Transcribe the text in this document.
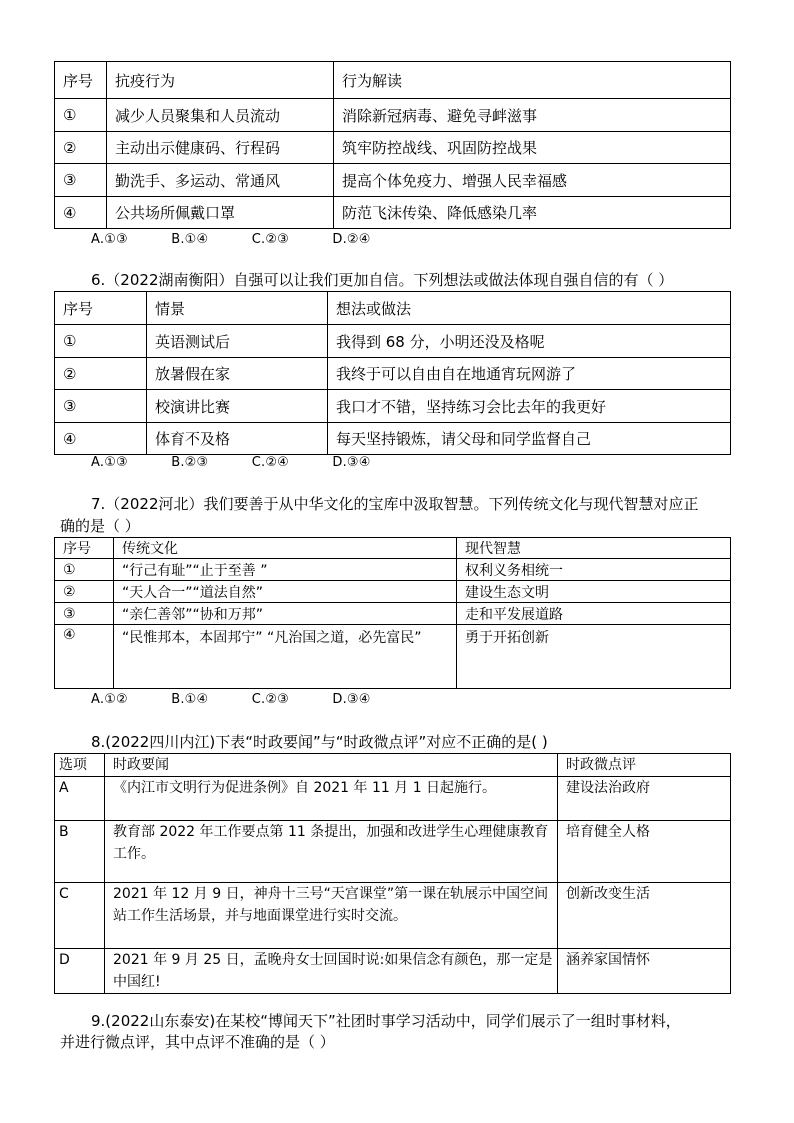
序号	抗疫行为	行为解读
①	减少人员聚集和人员流动	消除新冠病毒、避免寻衅滋事
②	主动出示健康码、行程码	筑牢防控战线、巩固防控战果
③	勤洗手、多运动、常通风	提高个体免疫力、增强人民幸福感
④	公共场所佩戴口罩	防范飞沫传染、降低感染几率
A.①③          B.①④          C.②③          D.②④
6.（2022湖南衡阳）自强可以让我们更加自信。下列想法或做法体现自强自信的有（ ）
序号	情景	想法或做法
①	英语测试后	我得到 68 分，小明还没及格呢
②	放暑假在家	我终于可以自由自在地通宵玩网游了
③	校演讲比赛	我口才不错，坚持练习会比去年的我更好
④	体育不及格	每天坚持锻炼，请父母和同学监督自己
A.①③          B.②③          C.②④          D.③④
7.（2022河北）我们要善于从中华文化的宝库中汲取智慧。下列传统文化与现代智慧对应正
确的是（ ）
序号	传统文化	现代智慧
①	“行己有耻”“止于至善 ”	权利义务相统一
②	“天人合一”“道法自然”	建设生态文明
③	“亲仁善邻”“协和万邦”	走和平发展道路
④	“民惟邦本，本固邦宁” “凡治国之道，必先富民”	勇于开拓创新
A.①②          B.①④          C.②③          D.③④
8.(2022四川内江)下表“时政要闻”与“时政微点评”对应不正确的是( )
选项	时政要闻	时政微点评
A	《内江市文明行为促进条例》自 2021 年 11 月 1 日起施行。	建设法治政府
B	教育部 2022 年工作要点第 11 条提出，加强和改进学生心理健康教育工作。	培育健全人格
C	2021 年 12 月 9 日，神舟十三号“天宫课堂”第一课在轨展示中国空间站工作生活场景，并与地面课堂进行实时交流。	创新改变生活
D	2021 年 9 月 25 日，孟晚舟女士回国时说:如果信念有颜色，那一定是中国红!	涵养家国情怀
9.(2022山东泰安)在某校“博闻天下”社团时事学习活动中，同学们展示了一组时事材料，
并进行微点评，其中点评不准确的是（ ）
